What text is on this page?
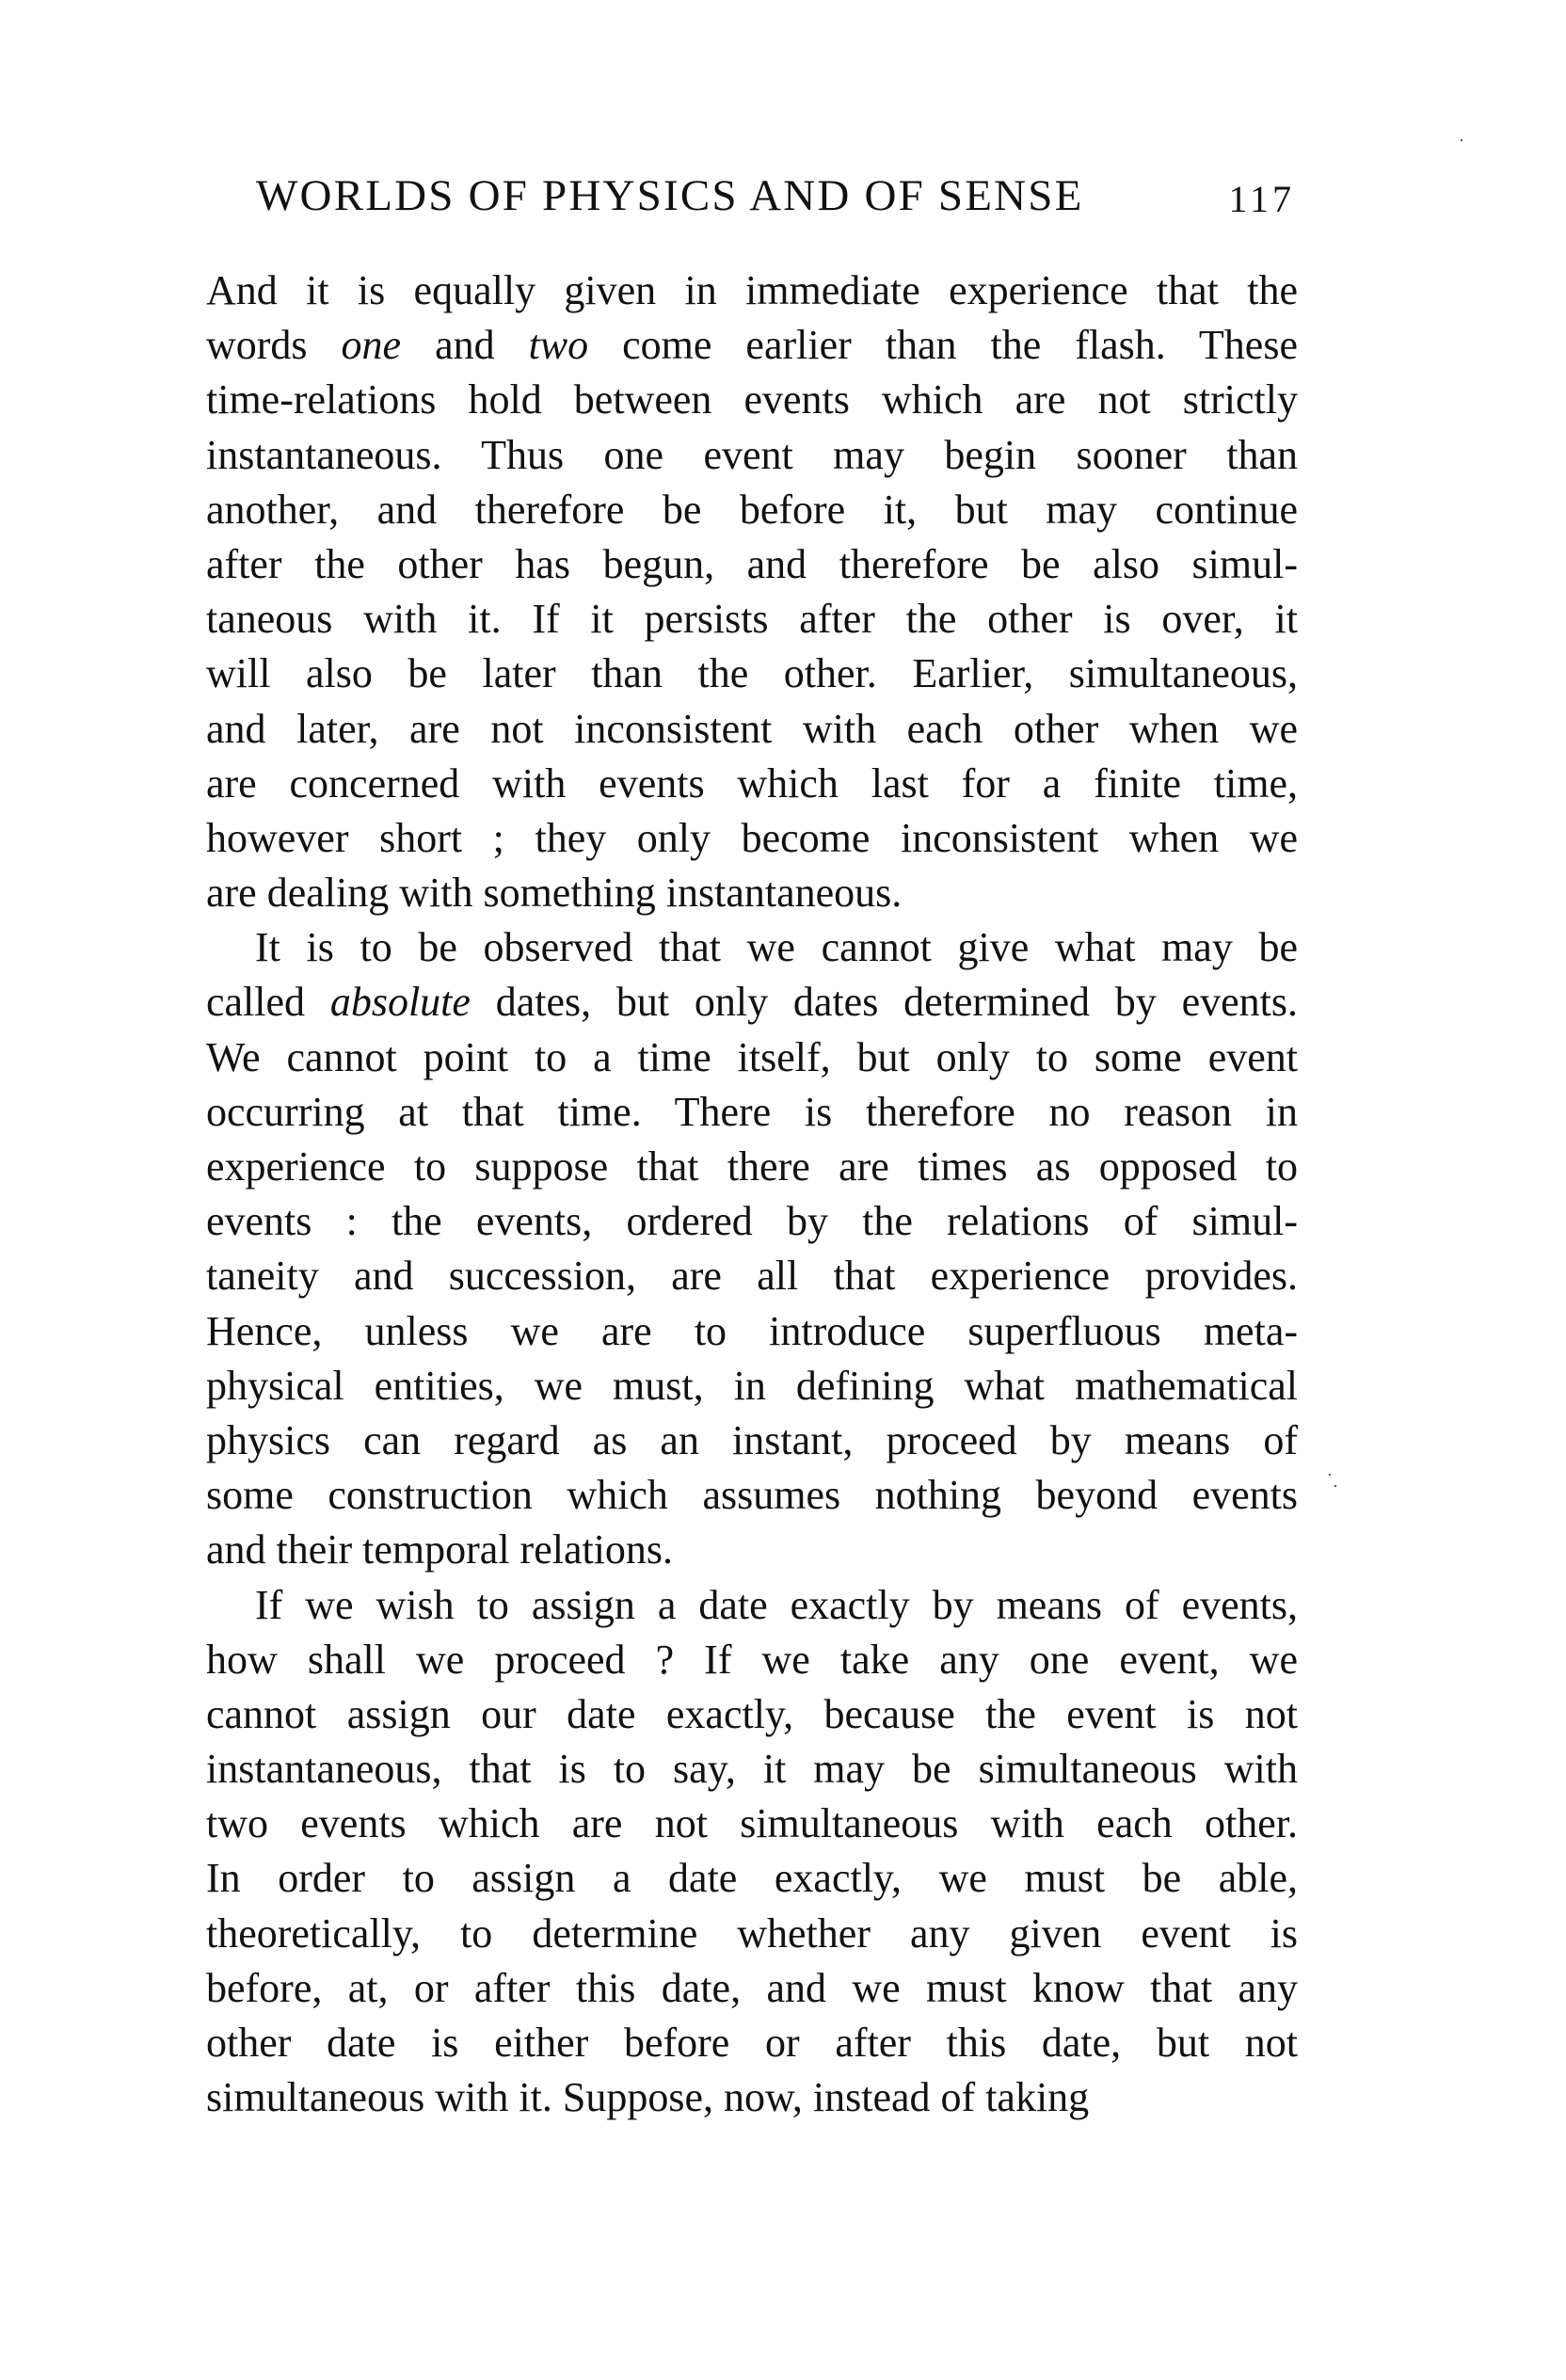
WORLDS OF PHYSICS AND OF SENSE	117
And it is equally given in immediate experience that the
words one and two come earlier than the flash. These
time-relations hold between events which are not strictly
instantaneous. Thus one event may begin sooner than
another, and therefore be before it, but may continue
after the other has begun, and therefore be also simul-
taneous with it. If it persists after the other is over, it
will also be later than the other. Earlier, simultaneous,
and later, are not inconsistent with each other when we
are concerned with events which last for a finite time,
however short ; they only become inconsistent when we
are dealing with something instantaneous.
It is to be observed that we cannot give what may be
called absolute dates, but only dates determined by events.
We cannot point to a time itself, but only to some event
occurring at that time. There is therefore no reason in
experience to suppose that there are times as opposed to
events : the events, ordered by the relations of simul-
taneity and succession, are all that experience provides.
Hence, unless we are to introduce superfluous meta-
physical entities, we must, in defining what mathematical
physics can regard as an instant, proceed by means of
some construction which assumes nothing beyond events
and their temporal relations.
If we wish to assign a date exactly by means of events,
how shall we proceed ? If we take any one event, we
cannot assign our date exactly, because the event is not
instantaneous, that is to say, it may be simultaneous with
two events which are not simultaneous with each other.
In order to assign a date exactly, we must be able,
theoretically, to determine whether any given event is
before, at, or after this date, and we must know that any
other date is either before or after this date, but not
simultaneous with it. Suppose, now, instead of taking
